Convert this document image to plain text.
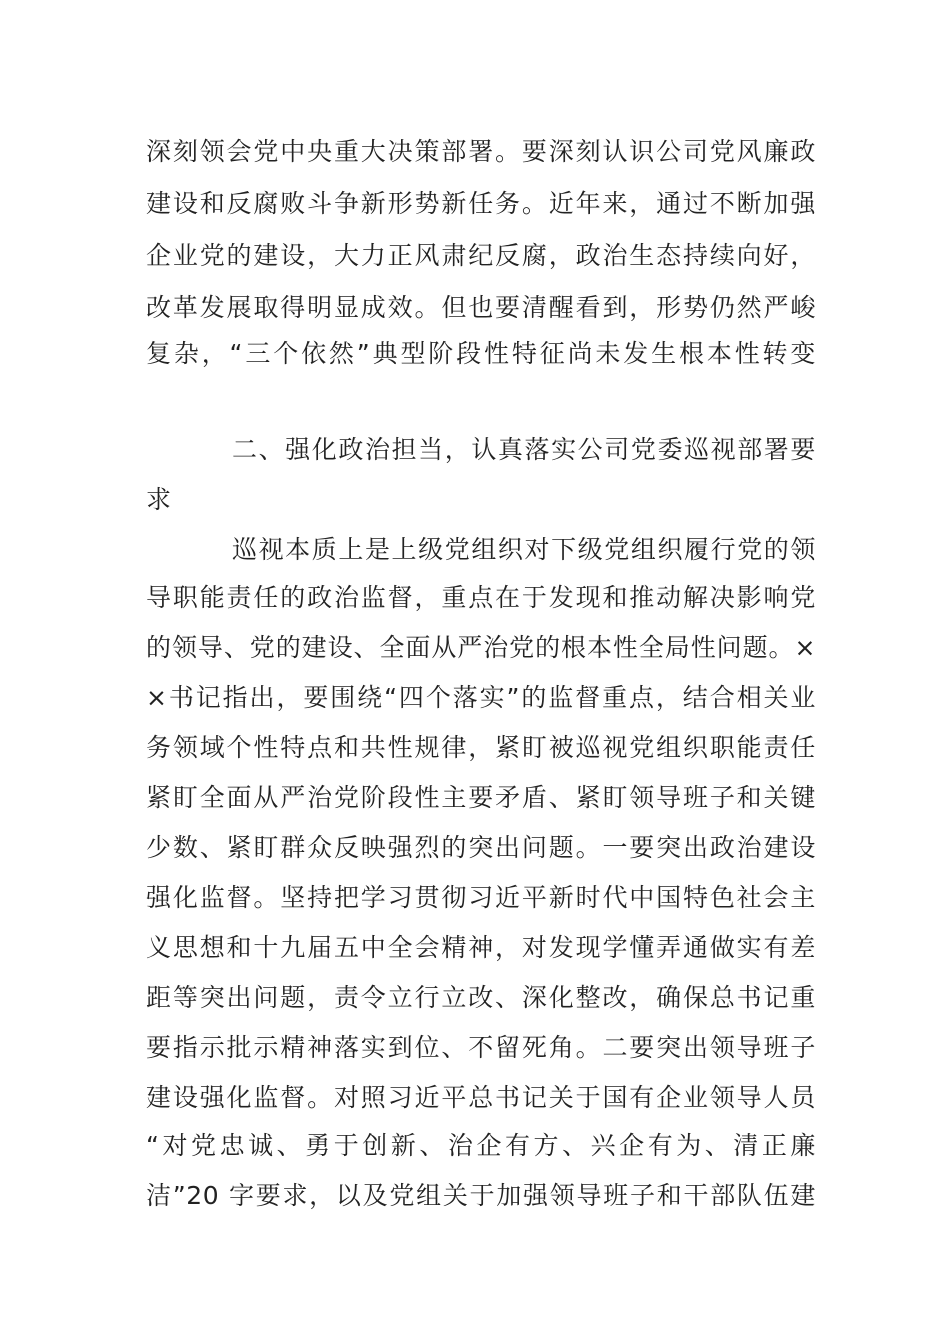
深刻领会党中央重大决策部署。要深刻认识公司党风廉政
建设和反腐败斗争新形势新任务。近年来，通过不断加强
企业党的建设，大力正风肃纪反腐，政治生态持续向好，
改革发展取得明显成效。但也要清醒看到，形势仍然严峻
复杂，“三个依然”典型阶段性特征尚未发生根本性转变
二、强化政治担当，认真落实公司党委巡视部署要
求
巡视本质上是上级党组织对下级党组织履行党的领
导职能责任的政治监督，重点在于发现和推动解决影响党
的领导、党的建设、全面从严治党的根本性全局性问题。×
×书记指出，要围绕“四个落实”的监督重点，结合相关业
务领域个性特点和共性规律，紧盯被巡视党组织职能责任
紧盯全面从严治党阶段性主要矛盾、紧盯领导班子和关键
少数、紧盯群众反映强烈的突出问题。一要突出政治建设
强化监督。坚持把学习贯彻习近平新时代中国特色社会主
义思想和十九届五中全会精神，对发现学懂弄通做实有差
距等突出问题，责令立行立改、深化整改，确保总书记重
要指示批示精神落实到位、不留死角。二要突出领导班子
建设强化监督。对照习近平总书记关于国有企业领导人员
“对党忠诚、勇于创新、治企有方、兴企有为、清正廉
洁”20 字要求，以及党组关于加强领导班子和干部队伍建
